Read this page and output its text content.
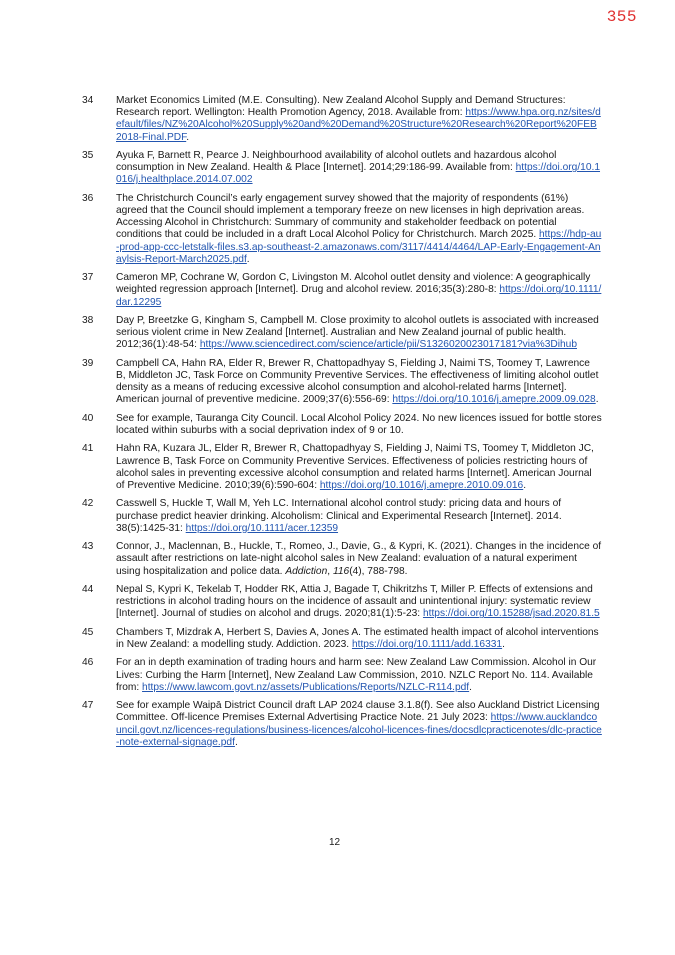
355
34 Market Economics Limited (M.E. Consulting). New Zealand Alcohol Supply and Demand Structures: Research report. Wellington: Health Promotion Agency, 2018. Available from: https://www.hpa.org.nz/sites/default/files/NZ%20Alcohol%20Supply%20and%20Demand%20Structure%20Research%20Report%20FEB2018-Final.PDF.
35 Ayuka F, Barnett R, Pearce J. Neighbourhood availability of alcohol outlets and hazardous alcohol consumption in New Zealand. Health & Place [Internet]. 2014;29:186-99. Available from: https://doi.org/10.1016/j.healthplace.2014.07.002
36 The Christchurch Council’s early engagement survey showed that the majority of respondents (61%) agreed that the Council should implement a temporary freeze on new licenses in high deprivation areas. Accessing Alcohol in Christchurch: Summary of community and stakeholder feedback on potential conditions that could be included in a draft Local Alcohol Policy for Christchurch. March 2025. https://hdp-au-prod-app-ccc-letstalk-files.s3.ap-southeast-2.amazonaws.com/3117/4414/4464/LAP-Early-Engagement-Anaylsis-Report-March2025.pdf.
37 Cameron MP, Cochrane W, Gordon C, Livingston M. Alcohol outlet density and violence: A geographically weighted regression approach [Internet]. Drug and alcohol review. 2016;35(3):280-8: https://doi.org/10.1111/dar.12295
38 Day P, Breetzke G, Kingham S, Campbell M. Close proximity to alcohol outlets is associated with increased serious violent crime in New Zealand [Internet]. Australian and New Zealand journal of public health. 2012;36(1):48-54: https://www.sciencedirect.com/science/article/pii/S1326020023017181?via%3Dihub
39 Campbell CA, Hahn RA, Elder R, Brewer R, Chattopadhyay S, Fielding J, Naimi TS, Toomey T, Lawrence B, Middleton JC, Task Force on Community Preventive Services. The effectiveness of limiting alcohol outlet density as a means of reducing excessive alcohol consumption and alcohol-related harms [Internet]. American journal of preventive medicine. 2009;37(6):556-69: https://doi.org/10.1016/j.amepre.2009.09.028.
40 See for example, Tauranga City Council. Local Alcohol Policy 2024. No new licences issued for bottle stores located within suburbs with a social deprivation index of 9 or 10.
41 Hahn RA, Kuzara JL, Elder R, Brewer R, Chattopadhyay S, Fielding J, Naimi TS, Toomey T, Middleton JC, Lawrence B, Task Force on Community Preventive Services. Effectiveness of policies restricting hours of alcohol sales in preventing excessive alcohol consumption and related harms [Internet]. American Journal of Preventive Medicine. 2010;39(6):590-604: https://doi.org/10.1016/j.amepre.2010.09.016.
42 Casswell S, Huckle T, Wall M, Yeh LC. International alcohol control study: pricing data and hours of purchase predict heavier drinking. Alcoholism: Clinical and Experimental Research [Internet]. 2014. 38(5):1425-31: https://doi.org/10.1111/acer.12359
43 Connor, J., Maclennan, B., Huckle, T., Romeo, J., Davie, G., & Kypri, K. (2021). Changes in the incidence of assault after restrictions on late-night alcohol sales in New Zealand: evaluation of a natural experiment using hospitalization and police data. Addiction, 116(4), 788-798.
44 Nepal S, Kypri K, Tekelab T, Hodder RK, Attia J, Bagade T, Chikritzhs T, Miller P. Effects of extensions and restrictions in alcohol trading hours on the incidence of assault and unintentional injury: systematic review [Internet]. Journal of studies on alcohol and drugs. 2020;81(1):5-23: https://doi.org/10.15288/jsad.2020.81.5
45 Chambers T, Mizdrak A, Herbert S, Davies A, Jones A. The estimated health impact of alcohol interventions in New Zealand: a modelling study. Addiction. 2023. https://doi.org/10.1111/add.16331.
46 For an in depth examination of trading hours and harm see: New Zealand Law Commission. Alcohol in Our Lives: Curbing the Harm [Internet], New Zealand Law Commission, 2010. NZLC Report No. 114. Available from: https://www.lawcom.govt.nz/assets/Publications/Reports/NZLC-R114.pdf.
47 See for example Waipā District Council draft LAP 2024 clause 3.1.8(f). See also Auckland District Licensing Committee. Off-licence Premises External Advertising Practice Note. 21 July 2023: https://www.aucklandcouncil.govt.nz/licences-regulations/business-licences/alcohol-licences-fines/docsdlcpracticenotes/dlc-practice-note-external-signage.pdf.
12
